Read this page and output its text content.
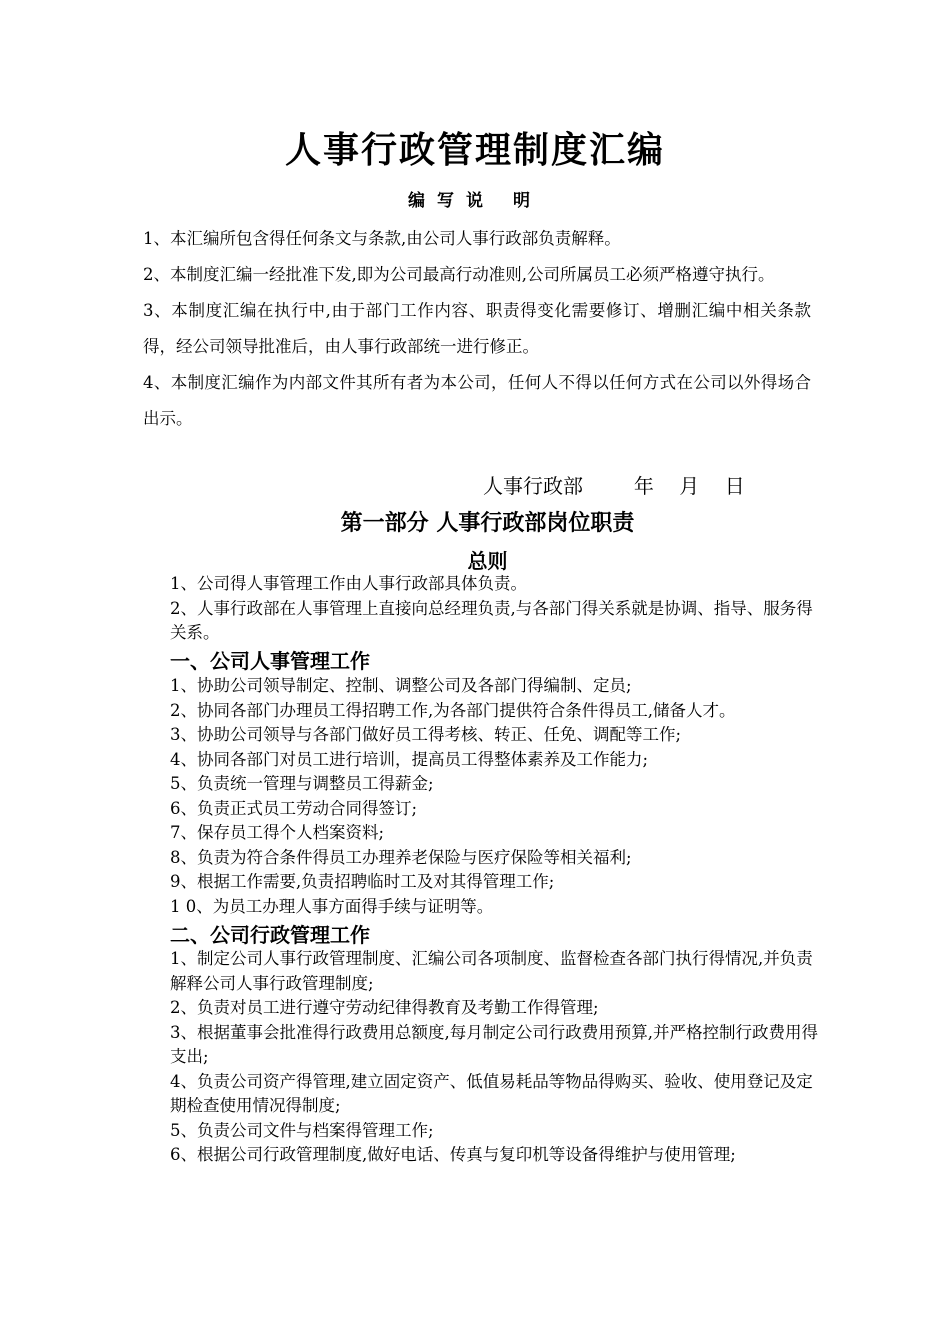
人事行政管理制度汇编
编写说 明

1、本汇编所包含得任何条文与条款,由公司人事行政部负责解释。

2、本制度汇编一经批准下发,即为公司最高行动准则,公司所属员工必须严格遵守执行。

3、本制度汇编在执行中,由于部门工作内容、职责得变化需要修订、增删汇编中相关条款得，经公司领导批准后，由人事行政部统一进行修正。

4、本制度汇编作为内部文件其所有者为本公司，任何人不得以任何方式在公司以外得场合出示。

人事行政部        年    月    日
第一部分 人事行政部岗位职责
总则

1、公司得人事管理工作由人事行政部具体负责。

2、人事行政部在人事管理上直接向总经理负责,与各部门得关系就是协调、指导、服务得关系。

一、公司人事管理工作

1、协助公司领导制定、控制、调整公司及各部门得编制、定员;

2、协同各部门办理员工得招聘工作,为各部门提供符合条件得员工,储备人才。

3、协助公司领导与各部门做好员工得考核、转正、任免、调配等工作;

4、协同各部门对员工进行培训，提高员工得整体素养及工作能力;

5、负责统一管理与调整员工得薪金;

6、负责正式员工劳动合同得签订;

7、保存员工得个人档案资料;

8、负责为符合条件得员工办理养老保险与医疗保险等相关福利;

9、根据工作需要,负责招聘临时工及对其得管理工作;

1 0、为员工办理人事方面得手续与证明等。

二、公司行政管理工作

1、制定公司人事行政管理制度、汇编公司各项制度、监督检查各部门执行得情况,并负责解释公司人事行政管理制度;

2、负责对员工进行遵守劳动纪律得教育及考勤工作得管理;

3、根据董事会批准得行政费用总额度,每月制定公司行政费用预算,并严格控制行政费用得支出;

4、负责公司资产得管理,建立固定资产、低值易耗品等物品得购买、验收、使用登记及定期检查使用情况得制度;

5、负责公司文件与档案得管理工作;

6、根据公司行政管理制度,做好电话、传真与复印机等设备得维护与使用管理;
